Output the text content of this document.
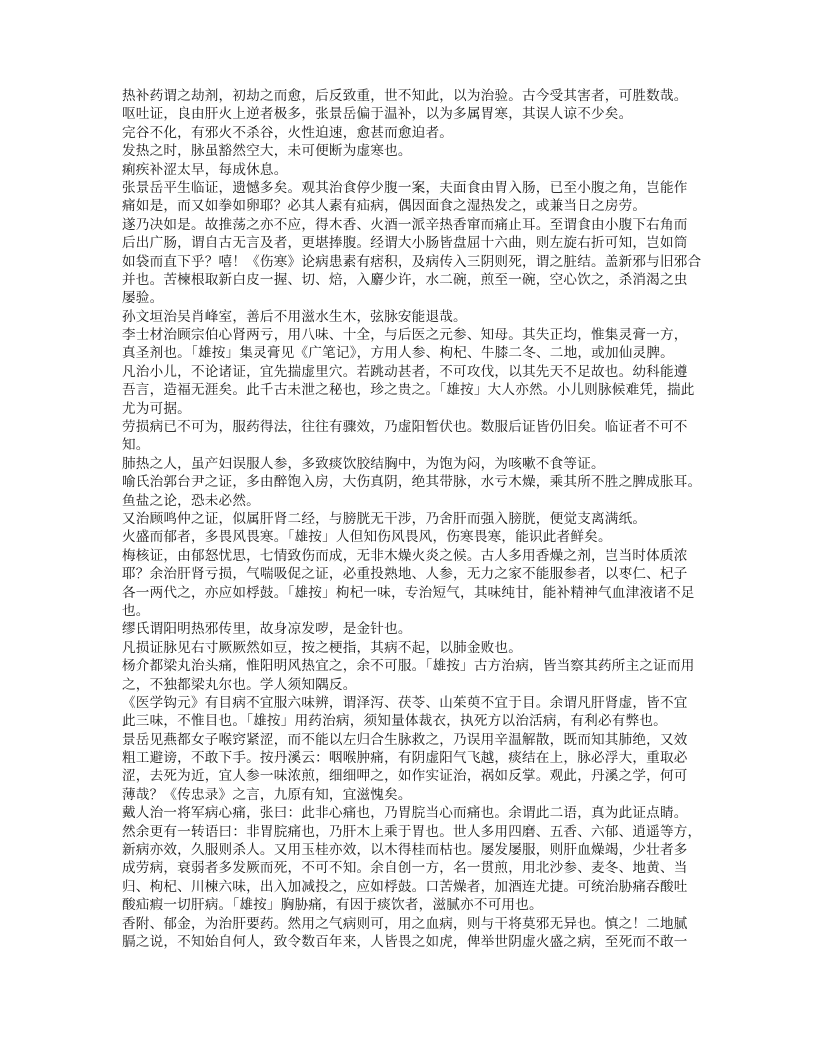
热补药谓之劫剂，初劫之而愈，后反致重，世不知此，以为治验。古今受其害者，可胜数哉。
呕吐证，良由肝火上逆者极多，张景岳偏于温补，以为多属胃寒，其误人谅不少矣。
完谷不化，有邪火不杀谷，火性迫速，愈甚而愈迫者。
发热之时，脉虽豁然空大，未可便断为虚寒也。
痢疾补涩太早，每成休息。
张景岳平生临证，遗憾多矣。观其治食停少腹一案，夫面食由胃入肠，已至小腹之角，岂能作
痛如是，而又如拳如卵耶？必其人素有疝病，偶因面食之湿热发之，或兼当日之房劳。
遂乃决如是。故推荡之亦不应，得木香、火酒一派辛热香窜而痛止耳。至谓食由小腹下右角而
后出广肠，谓自古无言及者，更堪捧腹。经谓大小肠皆盘屈十六曲，则左旋右折可知，岂如筒
如袋而直下乎？嘻！《伤寒》论病患素有痞积，及病传入三阴则死，谓之脏结。盖新邪与旧邪合
并也。苦楝根取新白皮一握、切、焙，入麝少许，水二碗，煎至一碗，空心饮之，杀消渴之虫
屡验。
孙文垣治吴肖峰室，善后不用滋水生木，弦脉安能退哉。
李士材治顾宗伯心肾两亏，用八味、十全，与后医之元参、知母。其失正均，惟集灵膏一方，
真圣剂也。「雄按」集灵膏见《广笔记》，方用人参、枸杞、牛膝二冬、二地，或加仙灵脾。
凡治小儿，不论诸证，宜先揣虚里穴。若跳动甚者，不可攻伐，以其先天不足故也。幼科能遵
吾言，造福无涯矣。此千古未泄之秘也，珍之贵之。「雄按」大人亦然。小儿则脉候难凭，揣此
尤为可据。
劳损病已不可为，服药得法，往往有骤效，乃虚阳暂伏也。数服后证皆仍旧矣。临证者不可不
知。
肺热之人，虽产妇误服人参，多致痰饮胶结胸中，为饱为闷，为咳嗽不食等证。
喻氏治郭台尹之证，多由醉饱入房，大伤真阴，绝其带脉，水亏木燥，乘其所不胜之脾成胀耳。
鱼盐之论，恐未必然。
又治顾鸣仲之证，似属肝肾二经，与膀胱无干涉，乃舍肝而强入膀胱，便觉支离满纸。
火盛而郁者，多畏风畏寒。「雄按」人但知伤风畏风，伤寒畏寒，能识此者鲜矣。
梅核证，由郁怒忧思，七情致伤而成，无非木燥火炎之候。古人多用香燥之剂，岂当时体质浓
耶？余治肝肾亏损，气喘吸促之证，必重投熟地、人参，无力之家不能服参者，以枣仁、杞子
各一两代之，亦应如桴鼓。「雄按」枸杞一味，专治短气，其味纯甘，能补精神气血津液诸不足
也。
缪氏谓阳明热邪传里，故身凉发哕，是金针也。
凡损证脉见右寸厥厥然如豆，按之梗指，其病不起，以肺金败也。
杨介都梁丸治头痛，惟阳明风热宜之，余不可服。「雄按」古方治病，皆当察其药所主之证而用
之，不独都梁丸尔也。学人须知隅反。
《医学钩元》有目病不宜服六味辨，谓泽泻、茯苓、山茱萸不宜于目。余谓凡肝肾虚，皆不宜
此三味，不惟目也。「雄按」用药治病，须知量体裁衣，执死方以治活病，有利必有弊也。
景岳见燕都女子喉窍紧涩，而不能以左归合生脉救之，乃误用辛温解散，既而知其肺绝，又效
粗工避谤，不敢下手。按丹溪云：咽喉肿痛，有阴虚阳气飞越，痰结在上，脉必浮大，重取必
涩，去死为近，宜人参一味浓煎，细细呷之，如作实证治，祸如反掌。观此，丹溪之学，何可
薄哉？《传忠录》之言，九原有知，宜滋愧矣。
戴人治一将军病心痛，张曰：此非心痛也，乃胃脘当心而痛也。余谓此二语，真为此证点睛。
然余更有一转语曰：非胃脘痛也，乃肝木上乘于胃也。世人多用四磨、五香、六郁、逍遥等方，
新病亦效，久服则杀人。又用玉桂亦效，以木得桂而枯也。屡发屡服，则肝血燥竭，少壮者多
成劳病，衰弱者多发厥而死，不可不知。余自创一方，名一贯煎，用北沙参、麦冬、地黄、当
归、枸杞、川楝六味，出入加减投之，应如桴鼓。口苦燥者，加酒连尤捷。可统治胁痛吞酸吐
酸疝瘕一切肝病。「雄按」胸胁痛，有因于痰饮者，滋腻亦不可用也。
香附、郁金，为治肝要药。然用之气病则可，用之血病，则与干将莫邪无异也。慎之！二地腻
膈之说，不知始自何人，致令数百年来，人皆畏之如虎，俾举世阴虚火盛之病，至死而不敢一
